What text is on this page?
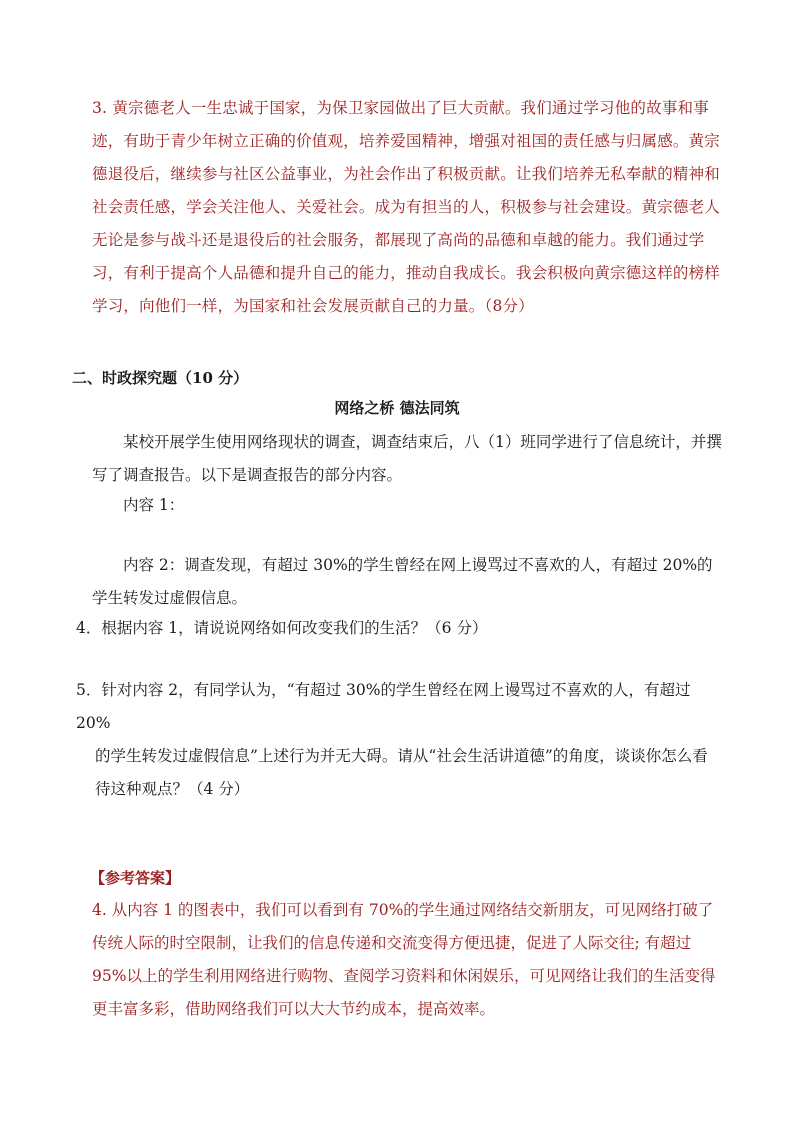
3. 黄宗德老人一生忠诚于国家，为保卫家园做出了巨大贡献。我们通过学习他的故事和事迹，有助于青少年树立正确的价值观，培养爱国精神，增强对祖国的责任感与归属感。黄宗德退役后，继续参与社区公益事业，为社会作出了积极贡献。让我们培养无私奉献的精神和社会责任感，学会关注他人、关爱社会。成为有担当的人，积极参与社会建设。黄宗德老人无论是参与战斗还是退役后的社会服务，都展现了高尚的品德和卓越的能力。我们通过学习，有利于提高个人品德和提升自己的能力，推动自我成长。我会积极向黄宗德这样的榜样学习，向他们一样，为国家和社会发展贡献自己的力量。（8分）
二、时政探究题（10 分）
网络之桥 德法同筑
某校开展学生使用网络现状的调查，调查结束后，八（1）班同学进行了信息统计，并撰写了调查报告。以下是调查报告的部分内容。
内容 1：
内容 2：调查发现，有超过 30%的学生曾经在网上谩骂过不喜欢的人，有超过 20%的
学生转发过虚假信息。
4．根据内容 1，请说说网络如何改变我们的生活？（6 分）
5．针对内容 2，有同学认为，“有超过 30%的学生曾经在网上谩骂过不喜欢的人，有超过 20%
的学生转发过虚假信息”上述行为并无大碍。请从“社会生活讲道德”的角度，谈谈你怎么看
待这种观点？（4 分）
【参考答案】
4. 从内容 1 的图表中，我们可以看到有 70%的学生通过网络结交新朋友，可见网络打破了传统人际的时空限制，让我们的信息传递和交流变得方便迅捷，促进了人际交往; 有超过 95%以上的学生利用网络进行购物、查阅学习资料和休闲娱乐，可见网络让我们的生活变得更丰富多彩，借助网络我们可以大大节约成本，提高效率。
